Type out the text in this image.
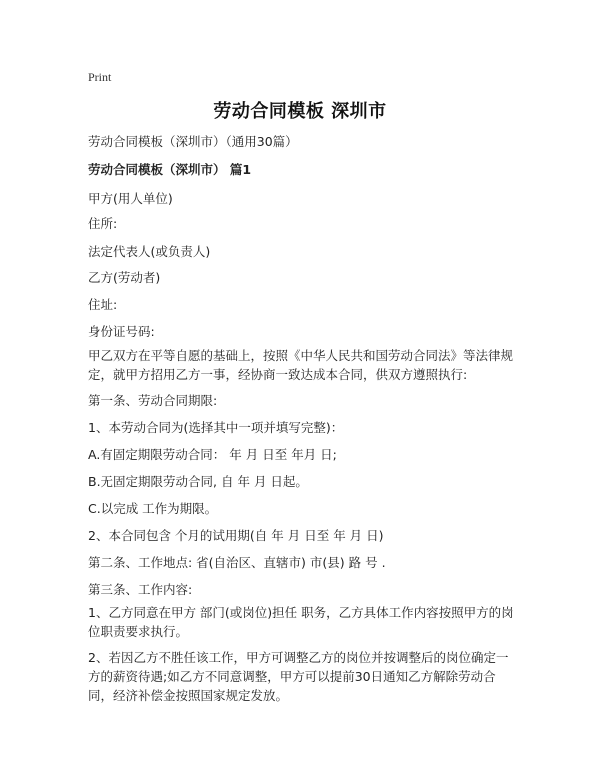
Print
劳动合同模板 深圳市
劳动合同模板（深圳市）（通用30篇）
劳动合同模板（深圳市） 篇1
甲方(用人单位)
住所:
法定代表人(或负责人)
乙方(劳动者)
住址:
身份证号码:
甲乙双方在平等自愿的基础上，按照《中华人民共和国劳动合同法》等法律规定，就甲方招用乙方一事，经协商一致达成本合同，供双方遵照执行:
第一条、劳动合同期限:
1、本劳动合同为(选择其中一项并填写完整)：
A.有固定期限劳动合同： 年 月 日至 年月 日;
B.无固定期限劳动合同, 自 年 月 日起。
C.以完成 工作为期限。
2、本合同包含 个月的试用期(自 年 月 日至 年 月 日)
第二条、工作地点: 省(自治区、直辖市) 市(县) 路 号 .
第三条、工作内容:
1、乙方同意在甲方 部门(或岗位)担任 职务，乙方具体工作内容按照甲方的岗位职责要求执行。
2、若因乙方不胜任该工作，甲方可调整乙方的岗位并按调整后的岗位确定一方的薪资待遇;如乙方不同意调整，甲方可以提前30日通知乙方解除劳动合同，经济补偿金按照国家规定发放。
